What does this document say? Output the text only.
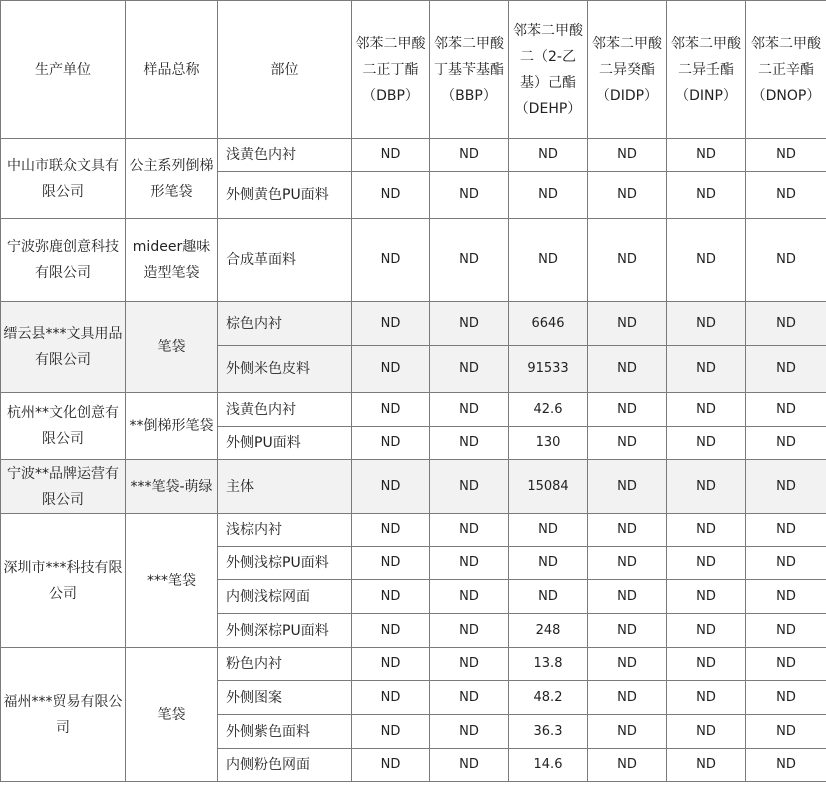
生产单位	样品总称	部位	邻苯二甲酸二正丁酯（DBP）	邻苯二甲酸丁基苄基酯（BBP）	邻苯二甲酸二（2-乙基）己酯（DEHP）	邻苯二甲酸二异癸酯（DIDP）	邻苯二甲酸二异壬酯（DINP）	邻苯二甲酸二正辛酯（DNOP）
中山市联众文具有限公司	公主系列倒梯形笔袋	浅黄色内衬	ND	ND	ND	ND	ND	ND
		外侧黄色PU面料	ND	ND	ND	ND	ND	ND
宁波弥鹿创意科技有限公司	mideer趣味造型笔袋	合成革面料	ND	ND	ND	ND	ND	ND
缙云县***文具用品有限公司	笔袋	棕色内衬	ND	ND	6646	ND	ND	ND
		外侧米色皮料	ND	ND	91533	ND	ND	ND
杭州**文化创意有限公司	**倒梯形笔袋	浅黄色内衬	ND	ND	42.6	ND	ND	ND
		外侧PU面料	ND	ND	130	ND	ND	ND
宁波**品牌运营有限公司	***笔袋-萌绿	主体	ND	ND	15084	ND	ND	ND
深圳市***科技有限公司	***笔袋	浅棕内衬	ND	ND	ND	ND	ND	ND
		外侧浅棕PU面料	ND	ND	ND	ND	ND	ND
		内侧浅棕网面	ND	ND	ND	ND	ND	ND
		外侧深棕PU面料	ND	ND	248	ND	ND	ND
福州***贸易有限公司	笔袋	粉色内衬	ND	ND	13.8	ND	ND	ND
		外侧图案	ND	ND	48.2	ND	ND	ND
		外侧紫色面料	ND	ND	36.3	ND	ND	ND
		内侧粉色网面	ND	ND	14.6	ND	ND	ND
